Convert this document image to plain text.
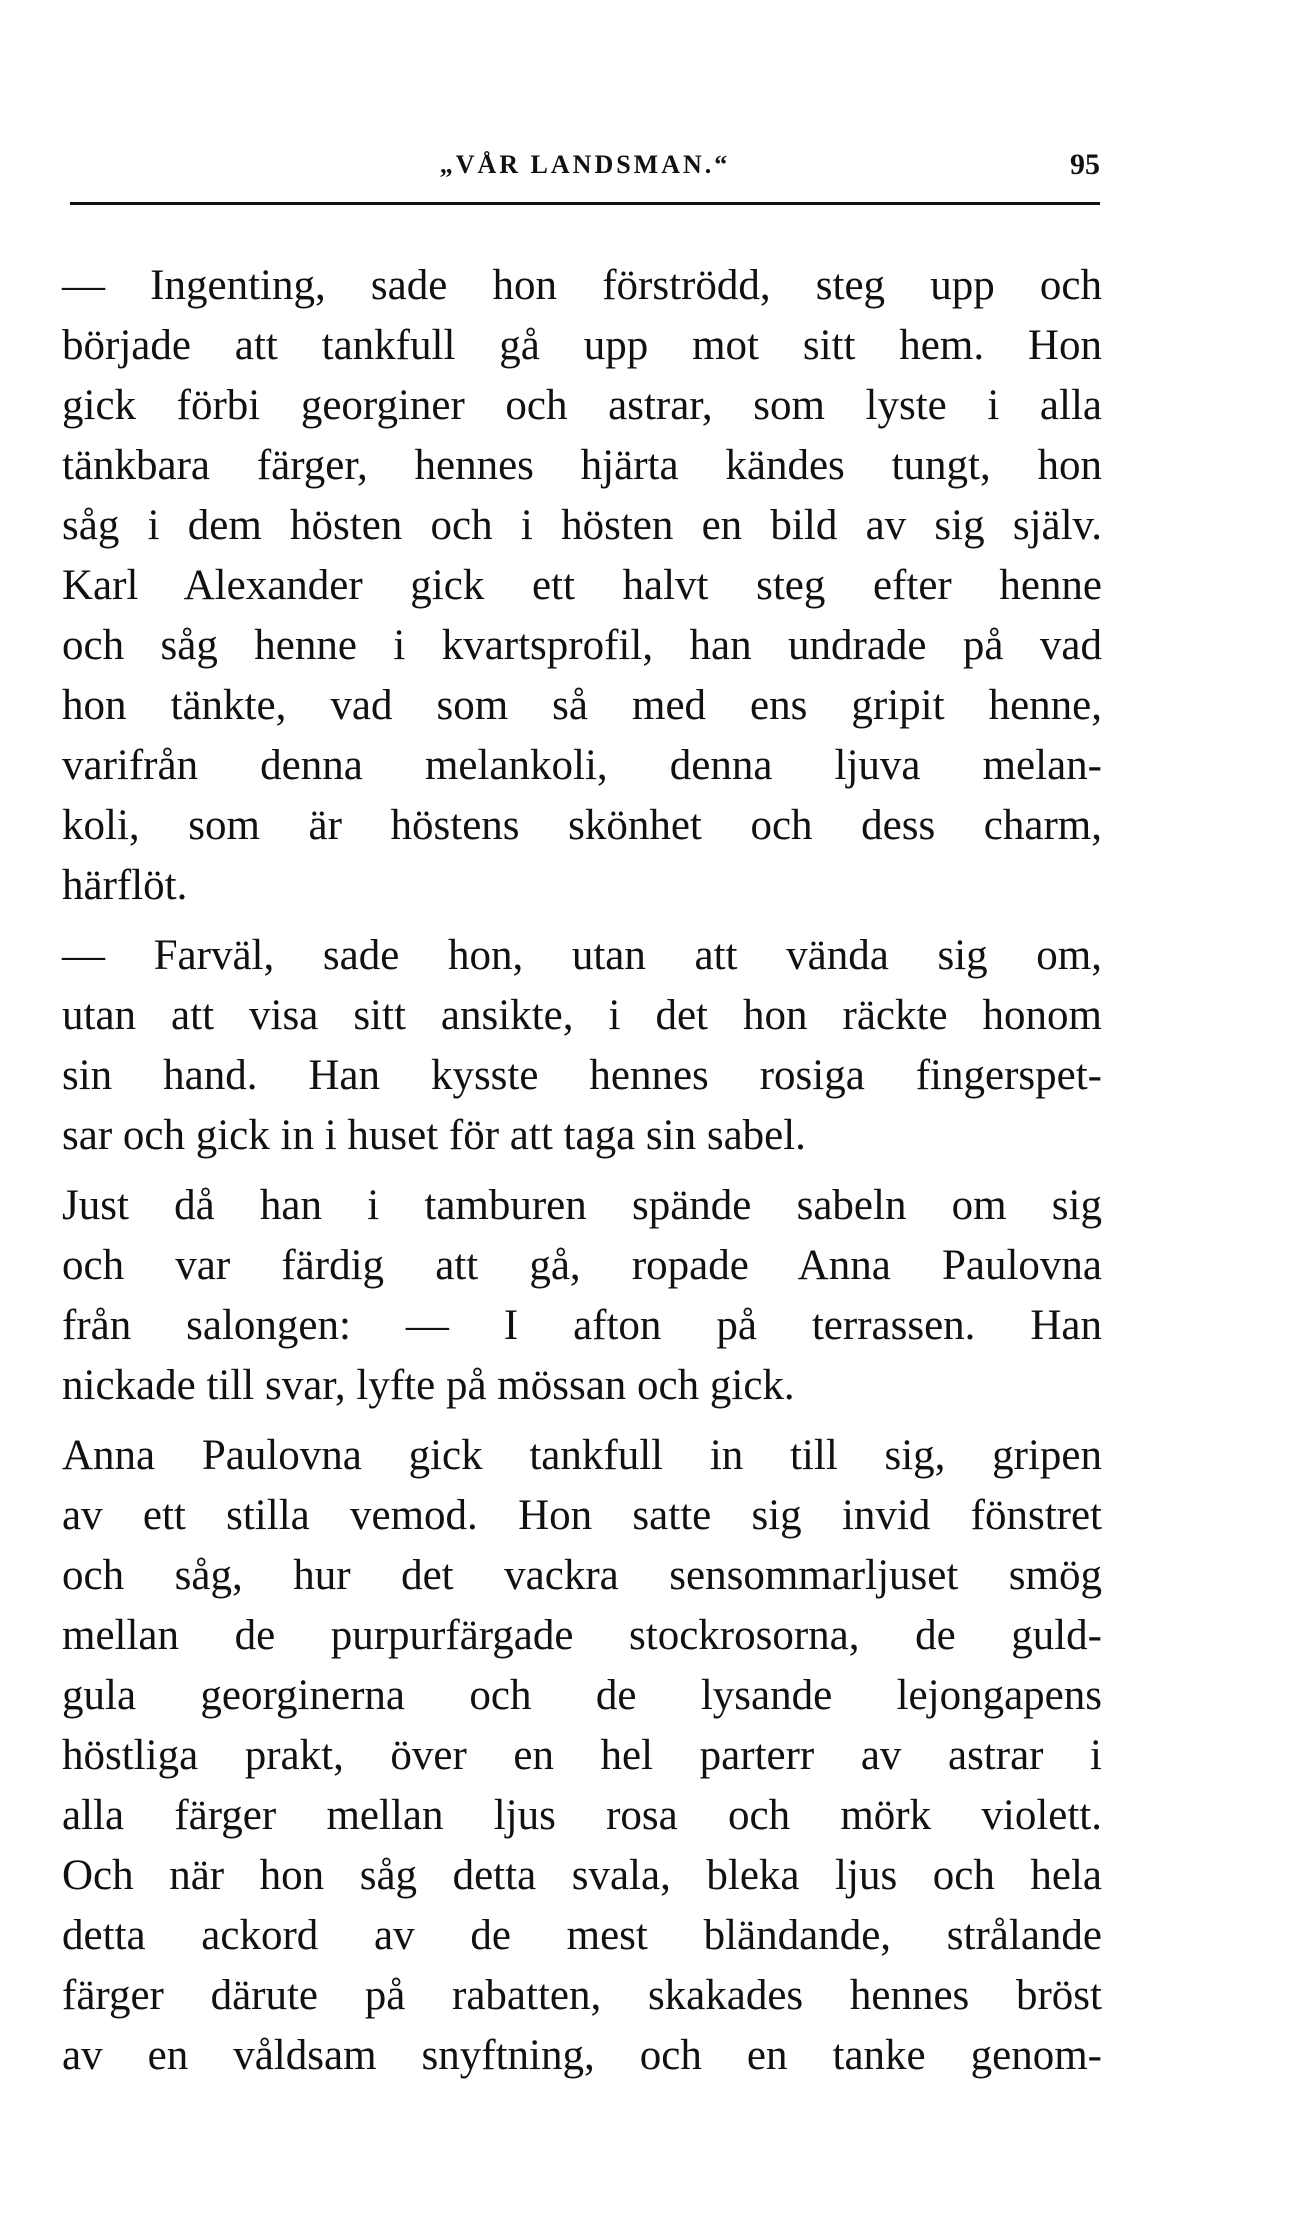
„VÅR LANDSMAN.“	95

— Ingenting, sade hon förströdd, steg upp och
började att tankfull gå upp mot sitt hem. Hon
gick förbi georginer och astrar, som lyste i alla
tänkbara färger, hennes hjärta kändes tungt, hon
såg i dem hösten och i hösten en bild av sig själv.
Karl Alexander gick ett halvt steg efter henne
och såg henne i kvartsprofil, han undrade på vad
hon tänkte, vad som så med ens gripit henne,
varifrån denna melankoli, denna ljuva melan-
koli, som är höstens skönhet och dess charm,
härflöt.

— Farväl, sade hon, utan att vända sig om,
utan att visa sitt ansikte, i det hon räckte honom
sin hand. Han kysste hennes rosiga fingerspet-
sar och gick in i huset för att taga sin sabel.

Just då han i tamburen spände sabeln om sig
och var färdig att gå, ropade Anna Paulovna
från salongen: — I afton på terrassen. Han
nickade till svar, lyfte på mössan och gick.

Anna Paulovna gick tankfull in till sig, gripen
av ett stilla vemod. Hon satte sig invid fönstret
och såg, hur det vackra sensommarljuset smög
mellan de purpurfärgade stockrosorna, de guld-
gula georginerna och de lysande lejongapens
höstliga prakt, över en hel parterr av astrar i
alla färger mellan ljus rosa och mörk violett.
Och när hon såg detta svala, bleka ljus och hela
detta ackord av de mest bländande, strålande
färger därute på rabatten, skakades hennes bröst
av en våldsam snyftning, och en tanke genom-
